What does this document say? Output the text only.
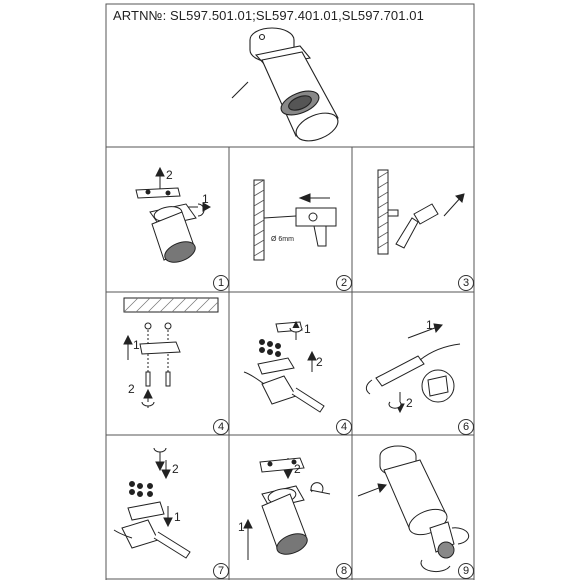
ARTN№: SL597.501.01;SL597.401.01,SL597.701.01
2
1
Ø 6mm
1
2
1
2
1
2
2
1
2
1
1	2	3
4	4	6
7	8	9
